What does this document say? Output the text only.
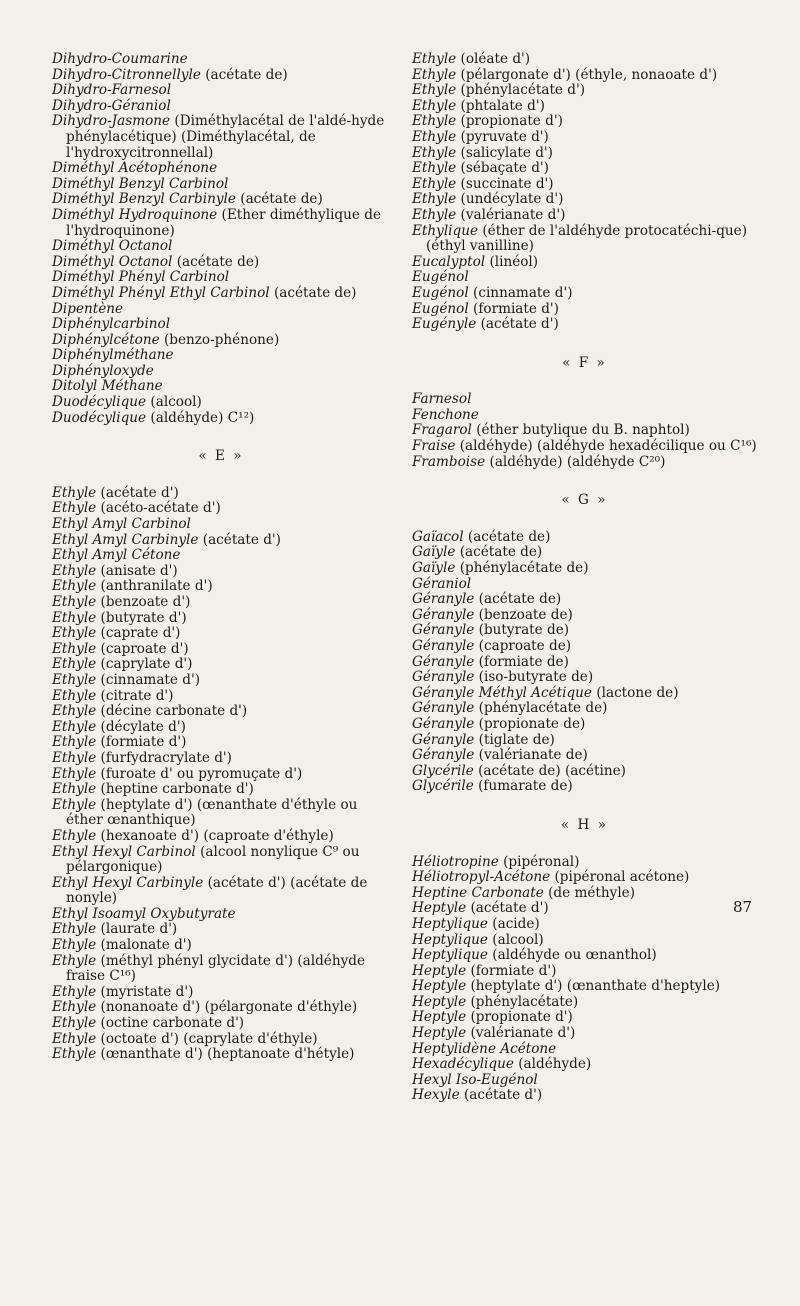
Dihydro-Coumarine
Dihydro-Citronnellyle (acétate de)
Dihydro-Farnesol
Dihydro-Géraniol
Dihydro-Jasmone (Diméthylacétal de l'aldé-hyde phénylacétique) (Diméthylacétal, de l'hydroxycitronnellal)
Diméthyl Acétophénone
Diméthyl Benzyl Carbinol
Diméthyl Benzyl Carbinyle (acétate de)
Diméthyl Hydroquinone (Ether diméthylique de l'hydroquinone)
Diméthyl Octanol
Diméthyl Octanol (acétate de)
Diméthyl Phényl Carbinol
Diméthyl Phényl Ethyl Carbinol (acétate de)
Dipentène
Diphénylcarbinol
Diphénylcétone (benzo-phénone)
Diphénylméthane
Diphényloxyde
Ditolyl Méthane
Duodécylique (alcool)
Duodécylique (aldéhyde) C¹²)
« E »
Ethyle (acétate d')
Ethyle (acéto-acétate d')
Ethyl Amyl Carbinol
Ethyl Amyl Carbinyle (acétate d')
Ethyl Amyl Cétone
Ethyle (anisate d')
Ethyle (anthranilate d')
Ethyle (benzoate d')
Ethyle (butyrate d')
Ethyle (caprate d')
Ethyle (caproate d')
Ethyle (caprylate d')
Ethyle (cinnamate d')
Ethyle (citrate d')
Ethyle (décine carbonate d')
Ethyle (décylate d')
Ethyle (formiate d')
Ethyle (furfydracrylate d')
Ethyle (furoate d' ou pyromuçate d')
Ethyle (heptine carbonate d')
Ethyle (heptylate d') (œnanthate d'éthyle ou éther œnanthique)
Ethyle (hexanoate d') (caproate d'éthyle)
Ethyl Hexyl Carbinol (alcool nonylique C⁹ ou pélargonique)
Ethyl Hexyl Carbinyle (acétate d') (acétate de nonyle)
Ethyl Isoamyl Oxybutyrate
Ethyle (laurate d')
Ethyle (malonate d')
Ethyle (méthyl phényl glycidate d') (aldéhyde fraise C¹⁶)
Ethyle (myristate d')
Ethyle (nonanoate d') (pélargonate d'éthyle)
Ethyle (octine carbonate d')
Ethyle (octoate d') (caprylate d'éthyle)
Ethyle (œnanthate d') (heptanoate d'hétyle)
Ethyle (oléate d')
Ethyle (pélargonate d') (éthyle, nonaoate d')
Ethyle (phénylacétate d')
Ethyle (phtalate d')
Ethyle (propionate d')
Ethyle (pyruvate d')
Ethyle (salicylate d')
Ethyle (sébaçate d')
Ethyle (succinate d')
Ethyle (undécylate d')
Ethyle (valérianate d')
Ethylique (éther de l'aldéhyde protocatéchi-que) (éthyl vanilline)
Eucalyptol (linéol)
Eugénol
Eugénol (cinnamate d')
Eugénol (formiate d')
Eugényle (acétate d')
« F »
Farnesol
Fenchone
Fragarol (éther butylique du B. naphtol)
Fraise (aldéhyde) (aldéhyde hexadécilique ou C¹⁶)
Framboise (aldéhyde) (aldéhyde C²⁰)
« G »
Gaïacol (acétate de)
Gaïyle (acétate de)
Gaïyle (phénylacétate de)
Géraniol
Géranyle (acétate de)
Géranyle (benzoate de)
Géranyle (butyrate de)
Géranyle (caproate de)
Géranyle (formiate de)
Géranyle (iso-butyrate de)
Géranyle Méthyl Acétique (lactone de)
Géranyle (phénylacétate de)
Géranyle (propionate de)
Géranyle (tiglate de)
Géranyle (valérianate de)
Glycérile (acétate de) (acétine)
Glycérile (fumarate de)
« H »
Héliotropine (pipéronal)
Héliotropyl-Acétone (pipéronal acétone)
Heptine Carbonate (de méthyle)
Heptyle (acétate d')
Heptylique (acide)
Heptylique (alcool)
Heptylique (aldéhyde ou œnanthol)
Heptyle (formiate d')
Heptyle (heptylate d') (œnanthate d'heptyle)
Heptyle (phénylacétate)
Heptyle (propionate d')
Heptyle (valérianate d')
Heptylidène Acétone
Hexadécylique (aldéhyde)
Hexyl Iso-Eugénol
Hexyle (acétate d')
87
